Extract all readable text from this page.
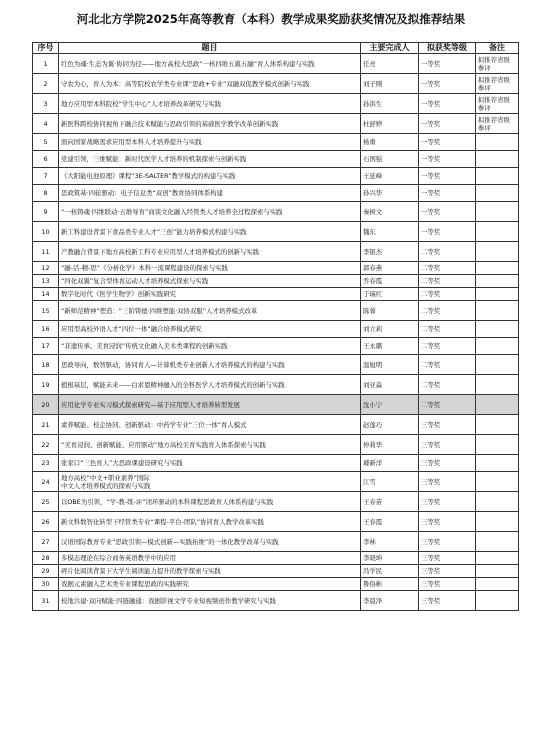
河北北方学院2025年高等教育（本科）教学成果奖励获奖情况及拟推荐结果
序号	题目	主要完成人	拟获奖等级	备注
1	红色为魂·生态为翼·协同为径——地方高校大思政“一核四维五翼五融”育人体系构建与实践	任亮	一等奖	拟推荐省级参评
2	守农为心，育人为本：高等院校农学类专业课“思政+专业”双融双促教学模式创新与实践	刘子刚	一等奖	拟推荐省级参评
3	地方应用型本科院校“学生中心”人才培养改革研究与实践	孙洪生	一等奖	拟推荐省级参评
4	新医科跨校协同视角下融合技术赋能与思政引领的基础医学教学改革创新实践	杜舒婷	一等奖	拟推荐省级参评
5	面向国家战略需求应用型本科人才培养提升与实践	杨重	一等奖	
6	党建引领，三维赋能：新时代医学人才培养的机制探索与创新实践	石国强	一等奖	
7	《大阳能电池原理》课程“3E-SALTER”教学模式的构建与实践	王延峰	一等奖	
8	思政筑基·四轮驱动：电子信息类“双创”教育协同体系构建	孙兴华	一等奖	
9	“一核铸魂·四维联动·五维导育”商谈文化融入经管类人才培养全过程探索与实践	秦树文	一等奖	
10	新工科建设背景下食品类专业人才“三创”能力培养模式构建与实践	魏东	一等奖	
11	产教融合背景下地方高校新工科专业应用型人才培养模式的创新与实践	李银杰	二等奖	
12	“融-活-精-思”《分析化学》本科一流课程建设的探索与实践	郭春燕	二等奖	
13	“四化双翼”复合型体育运动人才培养模式探索与实践	乔春霞	二等奖	
14	数字化时代《医学生物学》创新实践研究	于瑞红	二等奖	
15	“新师范精神”塑造：“三阶铸德·四维塑能·双协双服”人才培养模式改革	陈蓉	二等奖	
16	应用型高校外语人才“四位一体”融合培养模式研究	刘立莉	二等奖	
17	“非遗传承、美育浸润”传统文化融入美术类课程的创新实践	王永璐	二等奖	
18	思政导向，数智驱动，协同育人—计算机类专业创新人才培养模式的构建与实践	温旭明	二等奖	
19	植根基层，赋能未来——白求恩精神融入的全科医学人才培养模式的创新与实践	刘亚淼	二等奖	
20	应用化学专业实习模式探索研究—基于应用型人才培养转型发展	沈小宁	二等奖	
21	素养赋能、校企协同、创新驱动：中药学专业“三位一体”育人模式	赵莲巧	三等奖	
22	“美育浸润、创新赋能、应用驱动”地方高校美育实践育人体系探索与实践	仲莉华	三等奖	
23	张家口“三色育人”大思政课建设研究与实践	璩新洋	三等奖	
24	地方高校“中文+职业素养”国际
中文人才培养模式的探索与实践	江雪	三等奖	
25	以OBE为引领，“学-教-练-评”闭环驱动的本科课程思政育人体系构建与实践	王春苗	三等奖	
26	新文科数智化转型下经管类专业“课程-平台-团队”协同育人教学改革实践	王春霞	三等奖	
27	汉语国际教育专业“思政引领—模式创新—实践拓维”的一体化教学改革与实践	李林	三等奖	
28	多模态理论在综合商务英语教学中的应用	李晓坤	三等奖	
29	碎片化阅读背景下大学生阅读能力提升的教学探索与实践	冯学民	三等奖	
30	戏剧元素融入艺术类专业课程思政的实践研究	鲁俗彬	三等奖	
31	校地共建·双向赋能·四链融通：戏剧影视文学专业短视频创作教学研究与实践	李晨泽	三等奖	
